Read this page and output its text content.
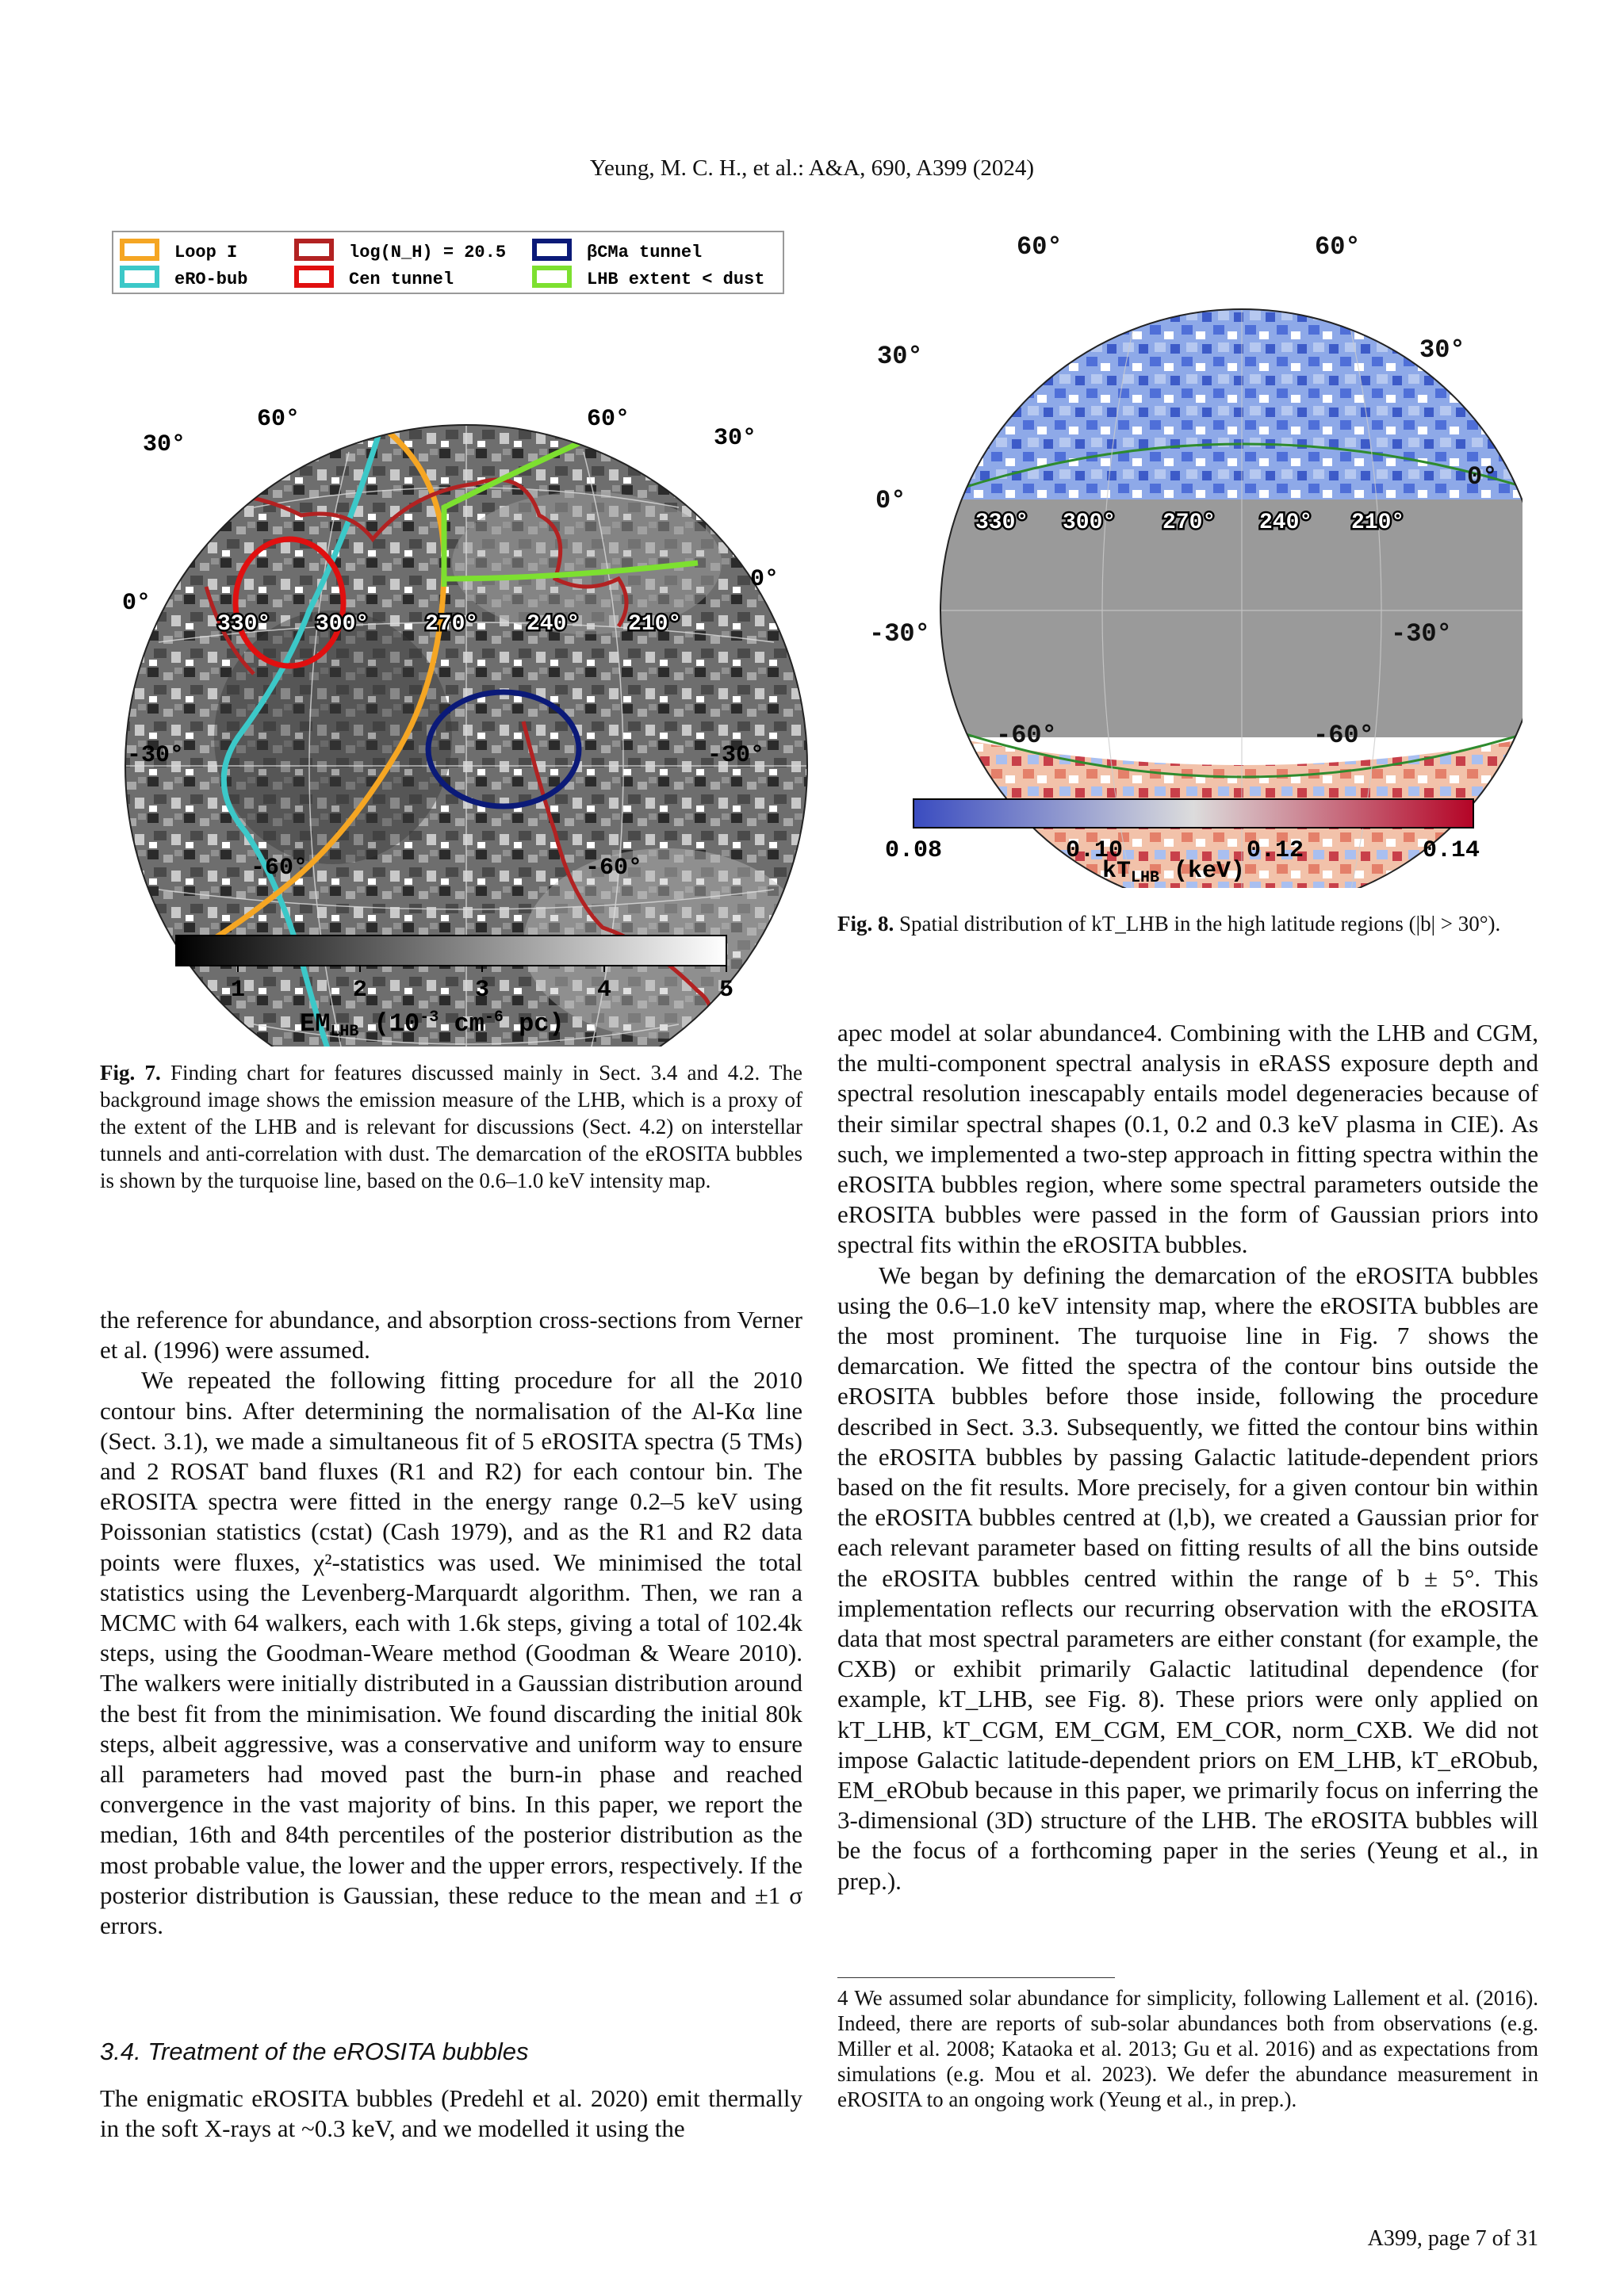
Yeung, M. C. H., et al.: A&A, 690, A399 (2024)
Loop I	log(N_H) = 20.5	βCMa tunnel
eRO-bub	Cen tunnel	LHB extent < dust
60°	60°
30°	30°
0°
0°
-30°	-30°
-60°	-60°
330° 300°	270° 240° 210°
1	2	3	4	5
EMLHB ($10^{-3}$ $cm^{-6}$ pc)
60°	60°
30°	30°
0°
0°
-30°	-30°
-60°	-60°
330° 300° 270° 240° 210°
0.08	0.10	0.12	0.14
$kT_{LHB}$ (keV)
Fig. 7. Finding chart for features discussed mainly in Sect. 3.4 and 4.2. The background image shows the emission measure of the LHB, which is a proxy of the extent of the LHB and is relevant for discussions (Sect. 4.2) on interstellar tunnels and anti-correlation with dust. The demarcation of the eROSITA bubbles is shown by the turquoise line, based on the 0.6–1.0 keV intensity map.
Fig. 8. Spatial distribution of kT_LHB in the high latitude regions (|b| > 30°).

the reference for abundance, and absorption cross-sections from Verner et al. (1996) were assumed.

We repeated the following fitting procedure for all the 2010 contour bins. After determining the normalisation of the Al-Kα line (Sect. 3.1), we made a simultaneous fit of 5 eROSITA spectra (5 TMs) and 2 ROSAT band fluxes (R1 and R2) for each contour bin. The eROSITA spectra were fitted in the energy range 0.2–5 keV using Poissonian statistics (cstat) (Cash 1979), and as the R1 and R2 data points were fluxes, χ²-statistics was used. We minimised the total statistics using the Levenberg-Marquardt algorithm. Then, we ran a MCMC with 64 walkers, each with 1.6k steps, giving a total of 102.4k steps, using the Goodman-Weare method (Goodman & Weare 2010). The walkers were initially distributed in a Gaussian distribution around the best fit from the minimisation. We found discarding the initial 80k steps, albeit aggressive, was a conservative and uniform way to ensure all parameters had moved past the burn-in phase and reached convergence in the vast majority of bins. In this paper, we report the median, 16th and 84th percentiles of the posterior distribution as the most probable value, the lower and the upper errors, respectively. If the posterior distribution is Gaussian, these reduce to the mean and ±1 σ errors.

3.4. Treatment of the eROSITA bubbles

The enigmatic eROSITA bubbles (Predehl et al. 2020) emit thermally in the soft X-rays at ~0.3 keV, and we modelled it using the

apec model at solar abundance4. Combining with the LHB and CGM, the multi-component spectral analysis in eRASS exposure depth and spectral resolution inescapably entails model degeneracies because of their similar spectral shapes (0.1, 0.2 and 0.3 keV plasma in CIE). As such, we implemented a two-step approach in fitting spectra within the eROSITA bubbles region, where some spectral parameters outside the eROSITA bubbles were passed in the form of Gaussian priors into spectral fits within the eROSITA bubbles.

We began by defining the demarcation of the eROSITA bubbles using the 0.6–1.0 keV intensity map, where the eROSITA bubbles are the most prominent. The turquoise line in Fig. 7 shows the demarcation. We fitted the spectra of the contour bins outside the eROSITA bubbles before those inside, following the procedure described in Sect. 3.3. Subsequently, we fitted the contour bins within the eROSITA bubbles by passing Galactic latitude-dependent priors based on the fit results. More precisely, for a given contour bin within the eROSITA bubbles centred at (l,b), we created a Gaussian prior for each relevant parameter based on fitting results of all the bins outside the eROSITA bubbles centred within the range of b ± 5°. This implementation reflects our recurring observation with the eROSITA data that most spectral parameters are either constant (for example, the CXB) or exhibit primarily Galactic latitudinal dependence (for example, kT_LHB, see Fig. 8). These priors were only applied on kT_LHB, kT_CGM, EM_CGM, EM_COR, norm_CXB. We did not impose Galactic latitude-dependent priors on EM_LHB, kT_eRObub, EM_eRObub because in this paper, we primarily focus on inferring the 3-dimensional (3D) structure of the LHB. The eROSITA bubbles will be the focus of a forthcoming paper in the series (Yeung et al., in prep.).

4 We assumed solar abundance for simplicity, following Lallement et al. (2016). Indeed, there are reports of sub-solar abundances both from observations (e.g. Miller et al. 2008; Kataoka et al. 2013; Gu et al. 2016) and as expectations from simulations (e.g. Mou et al. 2023). We defer the abundance measurement in eROSITA to an ongoing work (Yeung et al., in prep.).
A399, page 7 of 31
